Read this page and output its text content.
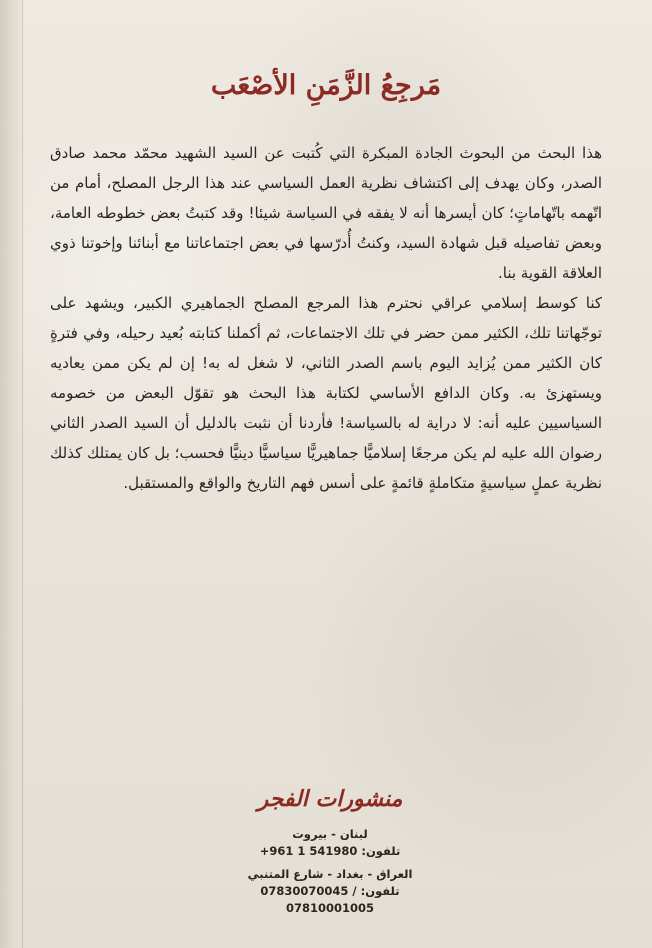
مَرجِعُ الزَّمَنِ الأصْعَب

هذا البحث من البحوث الجادة المبكرة التي كُتبت عن السيد الشهيد محمّد محمد صادق الصدر، وكان يهدف إلى اكتشاف نظرية العمل السياسي عند هذا الرجل المصلح، أمام من اتّهمه باتّهاماتٍ؛ كان أيسرها أنه لا يفقه في السياسة شيئا! وقد كتبتُ بعض خطوطه العامة، وبعض تفاصيله قبل شهادة السيد، وكنتُ أُدرّسها في بعض اجتماعاتنا مع أبنائنا وإخوتنا ذوي العلاقة القوية بنا.

كنا كوسط إسلامي عراقي نحترم هذا المرجع المصلح الجماهيري الكبير، ويشهد على توجّهاتنا تلك، الكثير ممن حضر في تلك الاجتماعات، ثم أكملنا كتابته بُعيد رحيله، وفي فترةٍ كان الكثير ممن يُزايد اليوم باسم الصدر الثاني، لا شغل له به! إن لم يكن ممن يعاديه ويستهزئ به. وكان الدافع الأساسي لكتابة هذا البحث هو تقوّل البعض من خصومه السياسيين عليه أنه: لا دراية له بالسياسة! فأردنا أن نثبت بالدليل أن السيد الصدر الثاني رضوان الله عليه لم يكن مرجعًا إسلاميًّا جماهيريًّا سياسيًّا دينيًّا فحسب؛ بل كان يمتلك كذلك نظرية عملٍ سياسيةٍ متكاملةٍ قائمةٍ على أسس فهم التاريخ والواقع والمستقبل.

منشورات الفجر
لبنان - بيروت
تلفون: +961 1 541980
العراق - بغداد - شارع المتنبي
تلفون: 07830070045 / 07810001005
